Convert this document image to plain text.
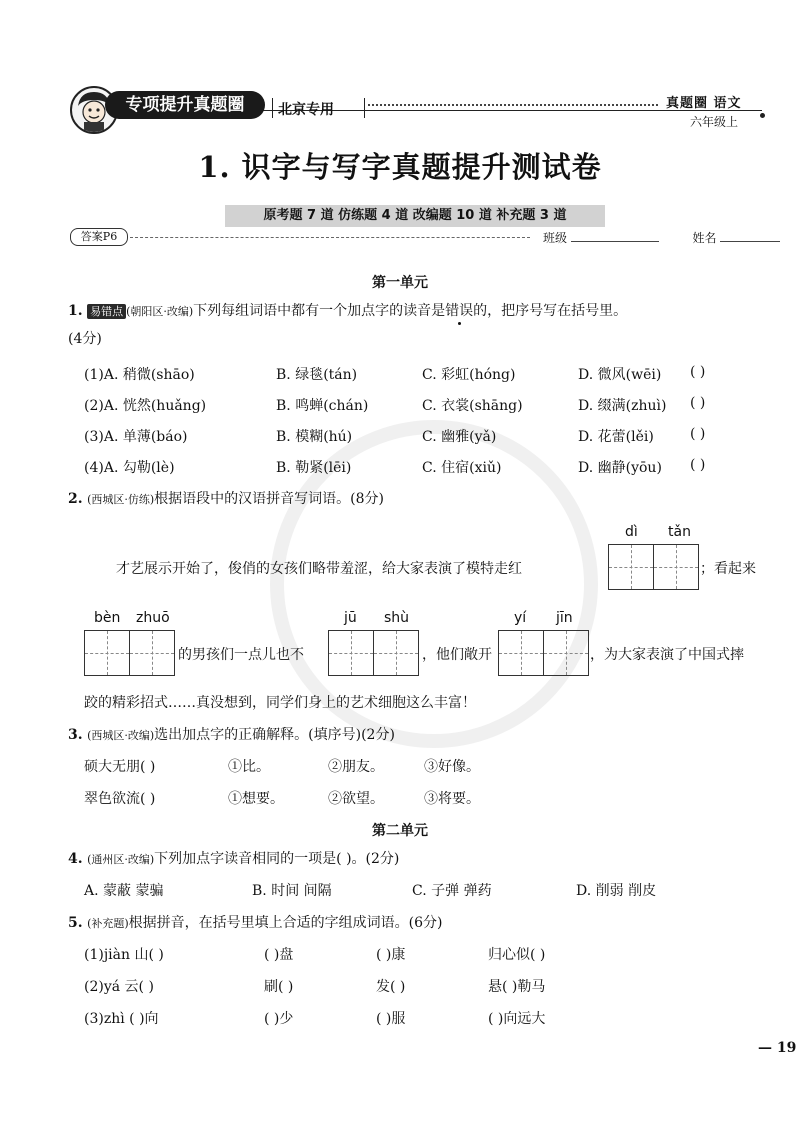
专项提升真题圈	北京专用	真题圈 语文
六年级上
1. 识字与写字真题提升测试卷
原考题 7 道 仿练题 4 道 改编题 10 道 补充题 3 道
答案P6	班级	姓名
第一单元
1. 易错点 (朝阳区·改编)下列每组词语中都有一个加点字的读音是错误的，把序号写在括号里。
(4分)
(1)A. 稍微(shāo)	B. 绿毯(tán)	C. 彩虹(hóng)	D. 微风(wēi) ( )
(2)A. 恍然(huǎng)	B. 鸣蝉(chán)	C. 衣裳(shāng)	D. 缀满(zhuì) ( )
(3)A. 单薄(báo)	B. 模糊(hú)	C. 幽雅(yǎ)	D. 花蕾(lěi)	( )
(4)A. 勾勒(lè)	B. 勒紧(lēi)	C. 住宿(xiǔ)	D. 幽静(yōu) ( )
2. (西城区·仿练)根据语段中的汉语拼音写词语。(8分)
dì tǎn
才艺展示开始了，俊俏的女孩们略带羞涩，给大家表演了模特走红	；看起来
bèn zhuō
的男孩们一点儿也不
jū shù
，他们敞开
yí jīn
，为大家表演了中国式摔
跤的精彩招式……真没想到，同学们身上的艺术细胞这么丰富！
3. (西城区·改编)选出加点字的正确解释。(填序号)(2分)
硕大无朋( )	①比。	②朋友。	③好像。
翠色欲流( )	①想要。	②欲望。	③将要。
第二单元
4. (通州区·改编)下列加点字读音相同的一项是( )。(2分)
A. 蒙蔽 蒙骗	B. 时间 间隔	C. 子弹 弹药	D. 削弱 削皮
5. (补充题)根据拼音，在括号里填上合适的字组成词语。(6分)
(1)jiàn 山( )	( )盘	( )康	归心似( )
(2)yá 云( )	刷( )	发( )	悬( )勒马
(3)zhì ( )向	( )少	( )服	( )向远大
— 19
